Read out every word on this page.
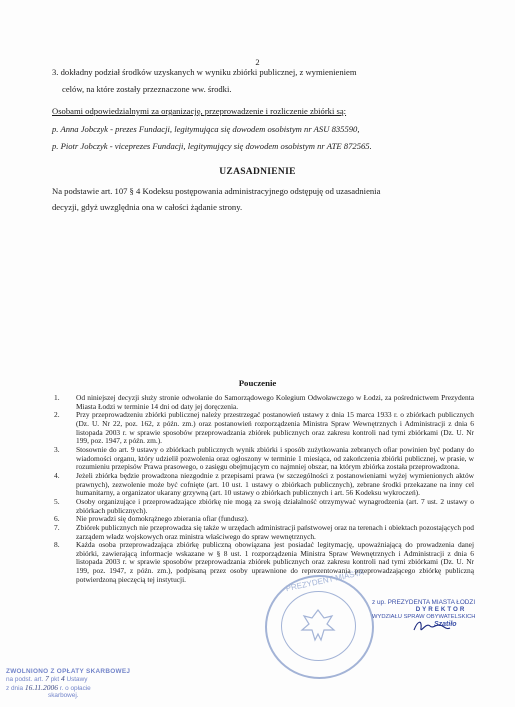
2
3. dokładny podział środków uzyskanych w wyniku zbiórki publicznej, z wymienieniem
celów, na które zostały przeznaczone ww. środki.
Osobami odpowiedzialnymi za organizację, przeprowadzenie i rozliczenie zbiórki są:
p. Anna Jobczyk - prezes Fundacji, legitymująca się dowodem osobistym nr ASU 835590,
p. Piotr Jobczyk - viceprezes Fundacji, legitymujący się dowodem osobistym nr ATE 872565.
UZASADNIENIE
Na podstawie art. 107 § 4 Kodeksu postępowania administracyjnego odstępuję od uzasadnienia
decyzji, gdyż uwzględnia ona w całości żądanie strony.
Pouczenie
1.	Od niniejszej decyzji służy stronie odwołanie do Samorządowego Kolegium Odwoławczego w Łodzi, za pośrednictwem Prezydenta Miasta Łodzi w terminie 14 dni od daty jej doręczenia.
2.	Przy przeprowadzeniu zbiórki publicznej należy przestrzegać postanowień ustawy z dnia 15 marca 1933 r. o zbiórkach publicznych (Dz. U. Nr 22, poz. 162, z późn. zm.) oraz postanowień rozporządzenia Ministra Spraw Wewnętrznych i Administracji z dnia 6 listopada 2003 r. w sprawie sposobów przeprowadzania zbiórek publicznych oraz zakresu kontroli nad tymi zbiórkami (Dz. U. Nr 199, poz. 1947, z późn. zm.).
3.	Stosownie do art. 9 ustawy o zbiórkach publicznych wynik zbiórki i sposób zużytkowania zebranych ofiar powinien być podany do wiadomości organu, który udzielił pozwolenia oraz ogłoszony w terminie 1 miesiąca, od zakończenia zbiórki publicznej, w prasie, w rozumieniu przepisów Prawa prasowego, o zasięgu obejmującym co najmniej obszar, na którym zbiórka została przeprowadzona.
4.	Jeżeli zbiórka będzie prowadzona niezgodnie z przepisami prawa (w szczególności z postanowieniami wyżej wymienionych aktów prawnych), zezwolenie może być cofnięte (art. 10 ust. 1 ustawy o zbiórkach publicznych), zebrane środki przekazane na inny cel humanitarny, a organizator ukarany grzywną (art. 10 ustawy o zbiórkach publicznych i art. 56 Kodeksu wykroczeń).
5.	Osoby organizujące i przeprowadzające zbiórkę nie mogą za swoją działalność otrzymywać wynagrodzenia (art. 7 ust. 2 ustawy o zbiórkach publicznych).
6.	Nie prowadzi się domokrążnego zbierania ofiar (fundusz).
7.	Zbiórek publicznych nie przeprowadza się także w urzędach administracji państwowej oraz na terenach i obiektach pozostających pod zarządem władz wojskowych oraz ministra właściwego do spraw wewnętrznych.
8.	Każda osoba przeprowadzająca zbiórkę publiczną obowiązana jest posiadać legitymację, upoważniającą do prowadzenia danej zbiórki, zawierającą informacje wskazane w § 8 ust. 1 rozporządzenia Ministra Spraw Wewnętrznych i Administracji z dnia 6 listopada 2003 r. w sprawie sposobów przeprowadzania zbiórek publicznych oraz zakresu kontroli nad tymi zbiórkami (Dz. U. Nr 199, poz. 1947, z późn. zm.), podpisaną przez osoby uprawnione do reprezentowania przeprowadzającego zbiórkę publiczną potwierdzoną pieczęcią tej instytucji.	PREZYDENT MIASTA
z up. PREZYDENTA MIASTA ŁODZI
DYREKTOR
WYDZIAŁU SPRAW OBYWATELSKICH
Szatiło
ZWOLNIONO Z OPŁATY SKARBOWEJ
na podst. art. 7 pkt 4 Ustawy
z dnia 16.11.2006 r. o opłacie
skarbowej.
